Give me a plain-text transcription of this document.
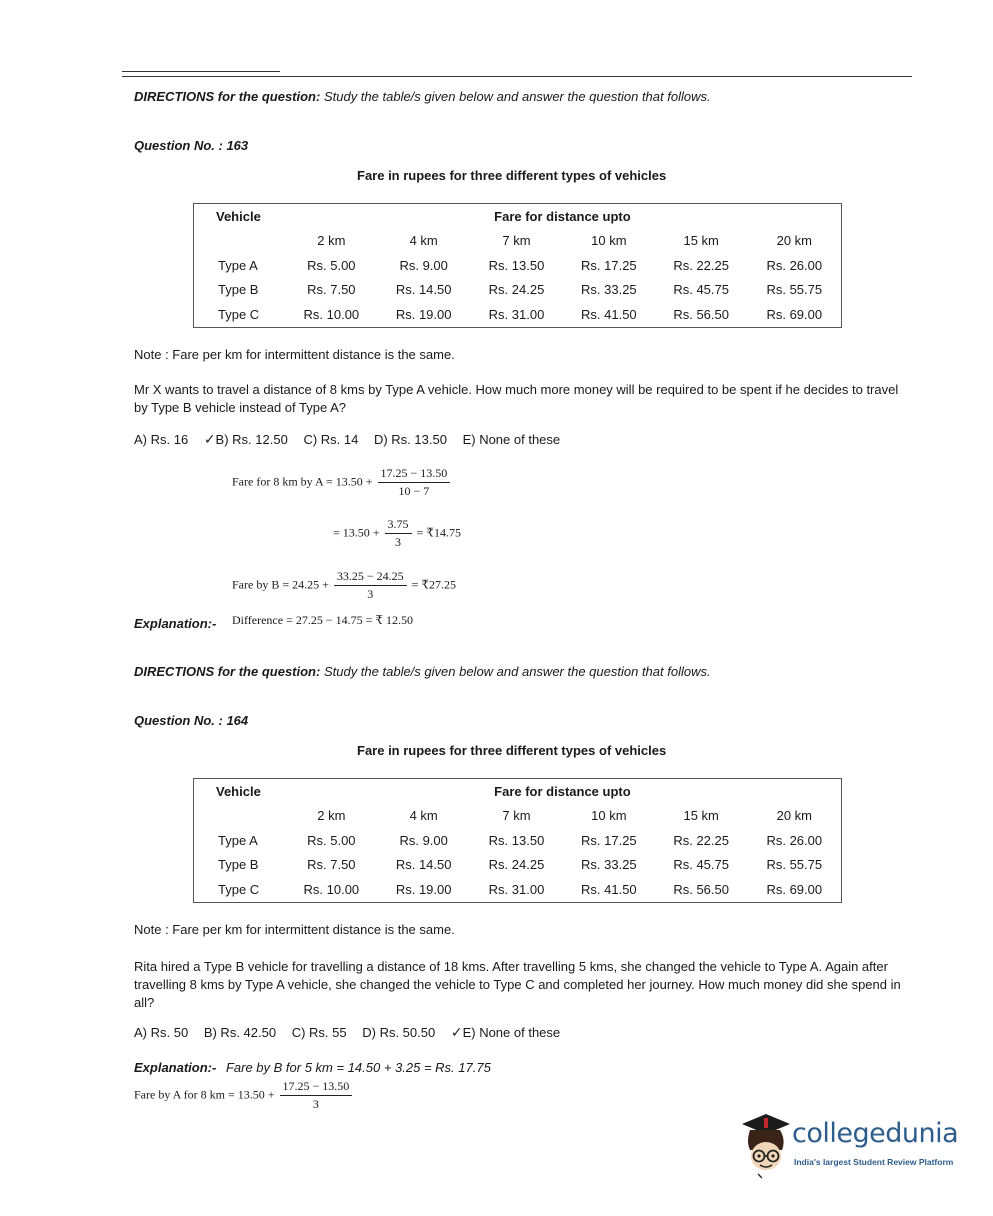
DIRECTIONS for the question: Study the table/s given below and answer the question that follows.
Question No. : 163
Fare in rupees for three different types of vehicles
Vehicle			Fare for distance upto			
	2 km	4 km	7 km	10 km	15 km	20 km
Type A	Rs. 5.00	Rs. 9.00	Rs. 13.50	Rs. 17.25	Rs. 22.25	Rs. 26.00
Type B	Rs. 7.50	Rs. 14.50	Rs. 24.25	Rs. 33.25	Rs. 45.75	Rs. 55.75
Type C	Rs. 10.00	Rs. 19.00	Rs. 31.00	Rs. 41.50	Rs. 56.50	Rs. 69.00
Note : Fare per km for intermittent distance is the same.
Mr X wants to travel a distance of 8 kms by Type A vehicle. How much more money will be required to be spent if he decides to travel by Type B vehicle instead of Type A?
A) Rs. 16 ✓B) Rs. 12.50 C) Rs. 14 D) Rs. 13.50 E) None of these
Fare for 8 km by $A = 13.50 + \frac{17.25 - 13.50}{10 - 7}$
= $13.50 + \frac{3.75}{3}$ = ₹14.75
Fare by $B = 24.25 + \frac{33.25 - 24.25}{3}$ = ₹27.25
Explanation:- Difference = 27.25 − 14.75 = ₹ 12.50
DIRECTIONS for the question: Study the table/s given below and answer the question that follows.
Question No. : 164
Fare in rupees for three different types of vehicles
Vehicle			Fare for distance upto			
	2 km	4 km	7 km	10 km	15 km	20 km
Type A	Rs. 5.00	Rs. 9.00	Rs. 13.50	Rs. 17.25	Rs. 22.25	Rs. 26.00
Type B	Rs. 7.50	Rs. 14.50	Rs. 24.25	Rs. 33.25	Rs. 45.75	Rs. 55.75
Type C	Rs. 10.00	Rs. 19.00	Rs. 31.00	Rs. 41.50	Rs. 56.50	Rs. 69.00
Note : Fare per km for intermittent distance is the same.
Rita hired a Type B vehicle for travelling a distance of 18 kms. After travelling 5 kms, she changed the vehicle to Type A. Again after travelling 8 kms by Type A vehicle, she changed the vehicle to Type C and completed her journey. How much money did she spend in all?
A) Rs. 50 B) Rs. 42.50 C) Rs. 55 D) Rs. 50.50 ✓E) None of these
Explanation:- Fare by B for 5 km = 14.50 + 3.25 = Rs. 17.75
Fare by A for 8 km = $13.50 + \frac{17.25 - 13.50}{3}$
collegedunia
India's largest Student Review Platform
